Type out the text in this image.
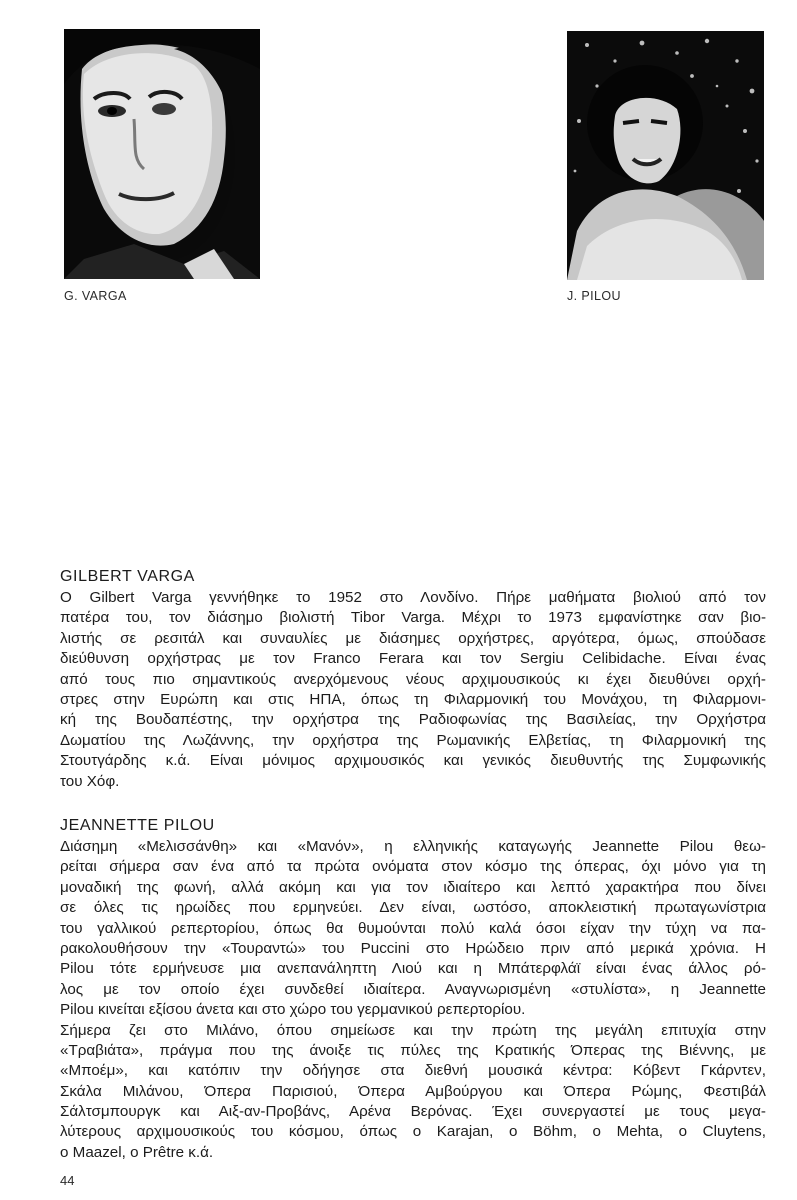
G. VARGA	J. PILOU
GILBERT VARGA
Ο Gilbert Varga γεννήθηκε το 1952 στο Λονδίνο. Πήρε μαθήματα βιολιού από τον
πατέρα του, τον διάσημο βιολιστή Tibor Varga. Μέχρι το 1973 εμφανίστηκε σαν βιο-
λιστής σε ρεσιτάλ και συναυλίες με διάσημες ορχήστρες, αργότερα, όμως, σπούδασε
διεύθυνση ορχήστρας με τον Franco Ferara και τον Sergiu Celibidache. Είναι ένας
από τους πιο σημαντικούς ανερχόμενους νέους αρχιμουσικούς κι έχει διευθύνει ορχή-
στρες στην Ευρώπη και στις ΗΠΑ, όπως τη Φιλαρμονική του Μονάχου, τη Φιλαρμονι-
κή της Βουδαπέστης, την ορχήστρα της Ραδιοφωνίας της Βασιλείας, την Ορχήστρα
Δωματίου της Λωζάννης, την ορχήστρα της Ρωμανικής Ελβετίας, τη Φιλαρμονική της
Στουτγάρδης κ.ά. Είναι μόνιμος αρχιμουσικός και γενικός διευθυντής της Συμφωνικής
του Χόφ.
JEANNETTE PILOU
Διάσημη «Μελισσάνθη» και «Μανόν», η ελληνικής καταγωγής Jeannette Pilou θεω-
ρείται σήμερα σαν ένα από τα πρώτα ονόματα στον κόσμο της όπερας, όχι μόνο για τη
μοναδική της φωνή, αλλά ακόμη και για τον ιδιαίτερο και λεπτό χαρακτήρα που δίνει
σε όλες τις ηρωίδες που ερμηνεύει. Δεν είναι, ωστόσο, αποκλειστική πρωταγωνίστρια
του γαλλικού ρεπερτορίου, όπως θα θυμούνται πολύ καλά όσοι είχαν την τύχη να πα-
ρακολουθήσουν την «Τουραντώ» του Puccini στο Ηρώδειο πριν από μερικά χρόνια. Η
Pilou τότε ερμήνευσε μια ανεπανάληπτη Λιού και η Μπάτερφλάϊ είναι ένας άλλος ρό-
λος με τον οποίο έχει συνδεθεί ιδιαίτερα. Αναγνωρισμένη «στυλίστα», η Jeannette
Pilou κινείται εξίσου άνετα και στο χώρο του γερμανικού ρεπερτορίου.
Σήμερα ζει στο Μιλάνο, όπου σημείωσε και την πρώτη της μεγάλη επιτυχία στην
«Τραβιάτα», πράγμα που της άνοιξε τις πύλες της Κρατικής Όπερας της Βιέννης, με
«Μποέμ», και κατόπιν την οδήγησε στα διεθνή μουσικά κέντρα: Κόβεντ Γκάρντεν,
Σκάλα Μιλάνου, Όπερα Παρισιού, Όπερα Αμβούργου και Όπερα Ρώμης, Φεστιβάλ
Σάλτσμπουργκ και Αιξ-αν-Προβάνς, Αρένα Βερόνας. Έχει συνεργαστεί με τους μεγα-
λύτερους αρχιμουσικούς του κόσμου, όπως ο Karajan, ο Böhm, ο Mehta, ο Cluytens,
ο Maazel, ο Prêtre κ.ά.
44
